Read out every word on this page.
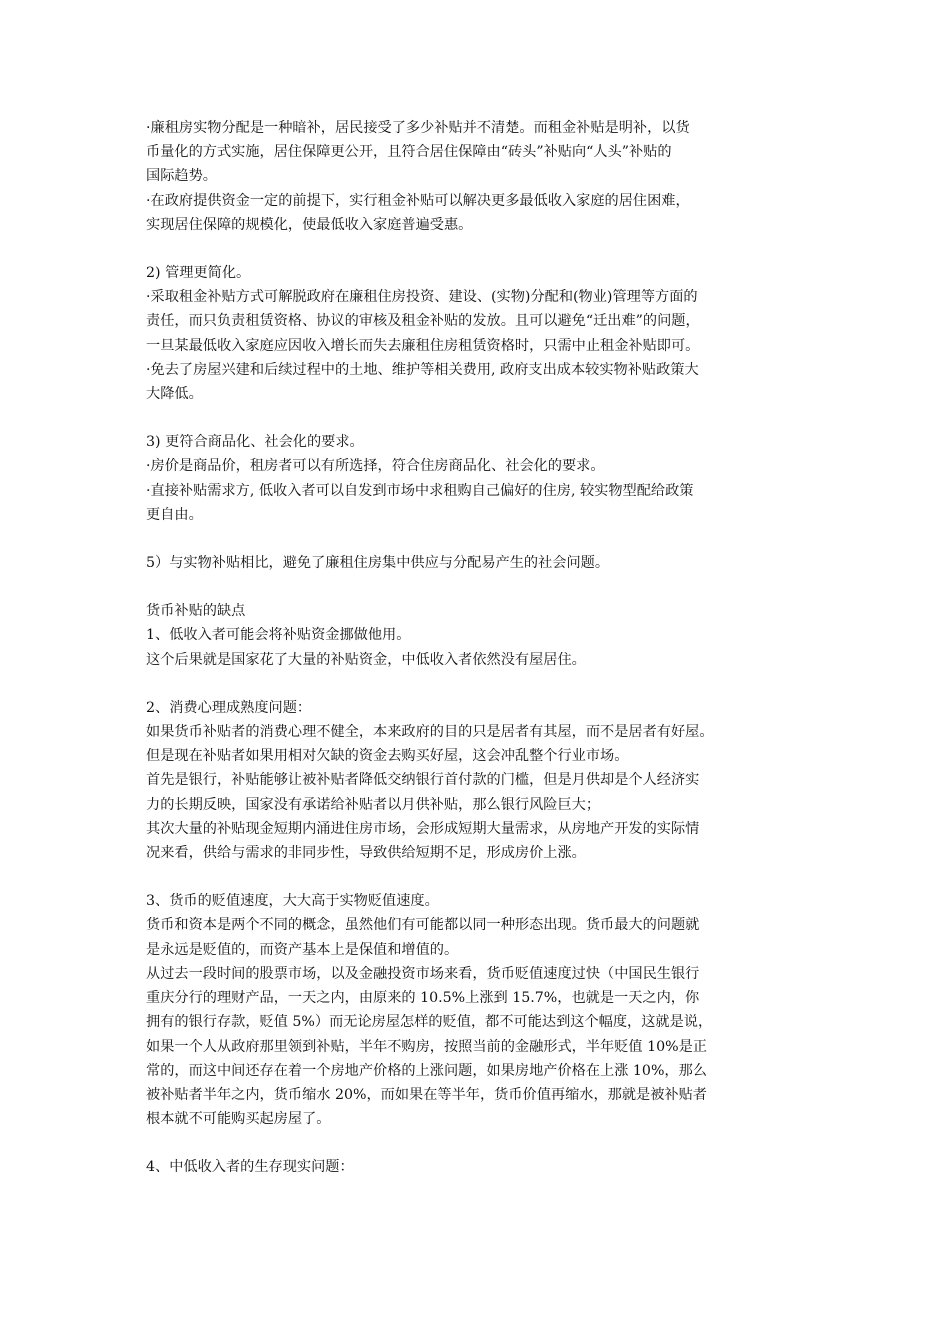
·廉租房实物分配是一种暗补，居民接受了多少补贴并不清楚。而租金补贴是明补，以货

币量化的方式实施，居住保障更公开，且符合居住保障由“砖头”补贴向“人头”补贴的

国际趋势。

·在政府提供资金一定的前提下，实行租金补贴可以解决更多最低收入家庭的居住困难，

实现居住保障的规模化，使最低收入家庭普遍受惠。

2) 管理更简化。

·采取租金补贴方式可解脱政府在廉租住房投资、建设、(实物)分配和(物业)管理等方面的

责任，而只负责租赁资格、协议的审核及租金补贴的发放。且可以避免“迁出难”的问题，

一旦某最低收入家庭应因收入增长而失去廉租住房租赁资格时，只需中止租金补贴即可。

·免去了房屋兴建和后续过程中的土地、维护等相关费用, 政府支出成本较实物补贴政策大

大降低。

3) 更符合商品化、社会化的要求。

·房价是商品价，租房者可以有所选择，符合住房商品化、社会化的要求。

·直接补贴需求方, 低收入者可以自发到市场中求租购自己偏好的住房, 较实物型配给政策

更自由。

5）与实物补贴相比，避免了廉租住房集中供应与分配易产生的社会问题。

货币补贴的缺点

1、低收入者可能会将补贴资金挪做他用。

这个后果就是国家花了大量的补贴资金，中低收入者依然没有屋居住。

2、消费心理成熟度问题：

如果货币补贴者的消费心理不健全，本来政府的目的只是居者有其屋，而不是居者有好屋。

但是现在补贴者如果用相对欠缺的资金去购买好屋，这会冲乱整个行业市场。

首先是银行，补贴能够让被补贴者降低交纳银行首付款的门槛，但是月供却是个人经济实

力的长期反映，国家没有承诺给补贴者以月供补贴，那么银行风险巨大；

其次大量的补贴现金短期内涌进住房市场，会形成短期大量需求，从房地产开发的实际情

况来看，供给与需求的非同步性，导致供给短期不足，形成房价上涨。

3、货币的贬值速度，大大高于实物贬值速度。

货币和资本是两个不同的概念，虽然他们有可能都以同一种形态出现。货币最大的问题就

是永远是贬值的，而资产基本上是保值和增值的。

从过去一段时间的股票市场，以及金融投资市场来看，货币贬值速度过快（中国民生银行

重庆分行的理财产品，一天之内，由原来的 10.5%上涨到 15.7%，也就是一天之内，你

拥有的银行存款，贬值 5%）而无论房屋怎样的贬值，都不可能达到这个幅度，这就是说，

如果一个人从政府那里领到补贴，半年不购房，按照当前的金融形式，半年贬值 10%是正

常的，而这中间还存在着一个房地产价格的上涨问题，如果房地产价格在上涨 10%，那么

被补贴者半年之内，货币缩水 20%，而如果在等半年，货币价值再缩水，那就是被补贴者

根本就不可能购买起房屋了。

4、中低收入者的生存现实问题：
